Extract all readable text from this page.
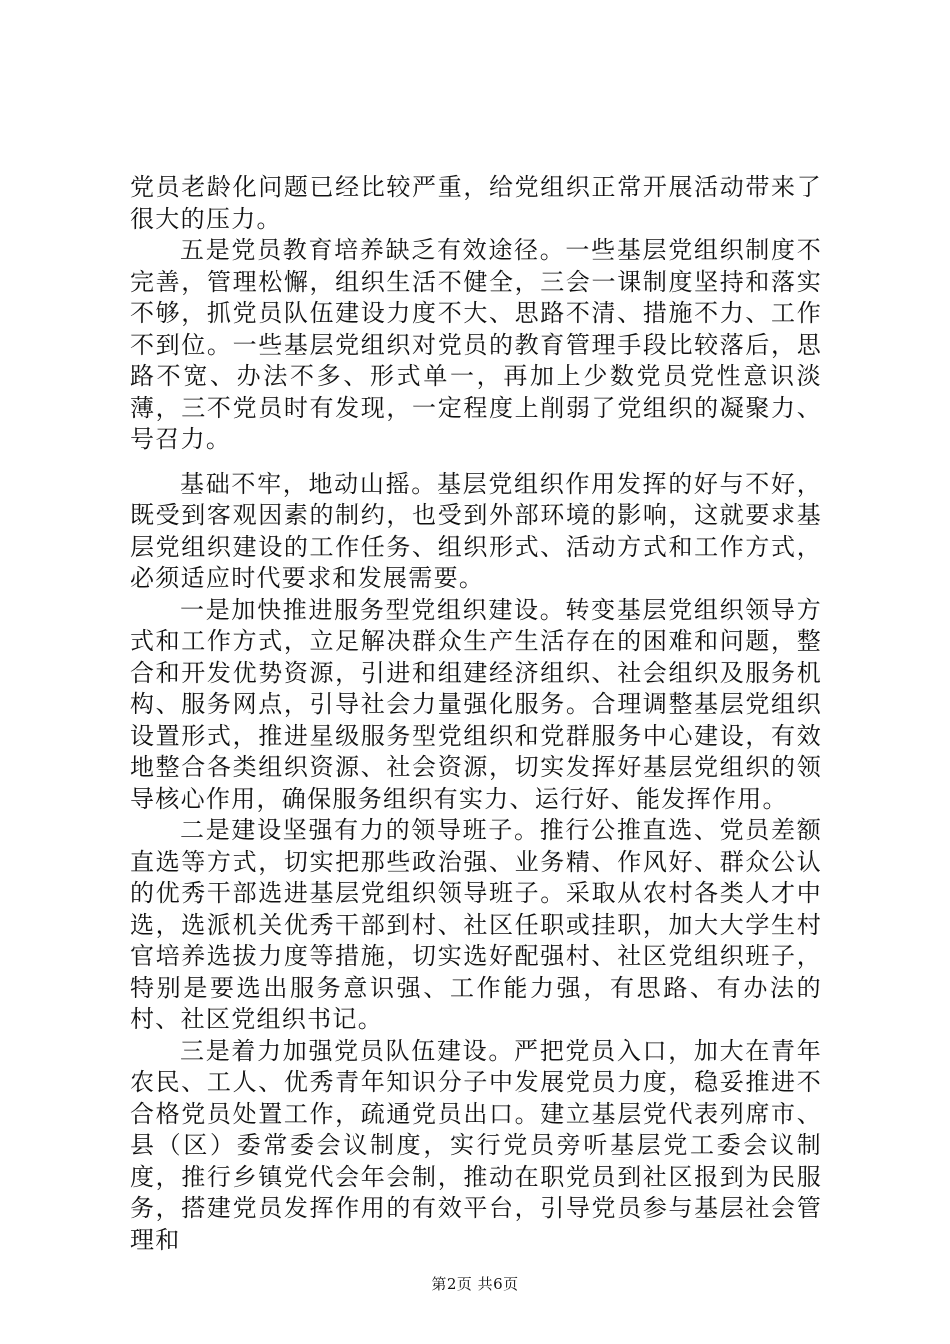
党员老龄化问题已经比较严重，给党组织正常开展活动带来了很大的压力。

五是党员教育培养缺乏有效途径。一些基层党组织制度不完善，管理松懈，组织生活不健全，三会一课制度坚持和落实不够，抓党员队伍建设力度不大、思路不清、措施不力、工作不到位。一些基层党组织对党员的教育管理手段比较落后，思路不宽、办法不多、形式单一，再加上少数党员党性意识淡薄，三不党员时有发现，一定程度上削弱了党组织的凝聚力、号召力。

基础不牢，地动山摇。基层党组织作用发挥的好与不好，既受到客观因素的制约，也受到外部环境的影响，这就要求基层党组织建设的工作任务、组织形式、活动方式和工作方式，必须适应时代要求和发展需要。

一是加快推进服务型党组织建设。转变基层党组织领导方式和工作方式，立足解决群众生产生活存在的困难和问题，整合和开发优势资源，引进和组建经济组织、社会组织及服务机构、服务网点，引导社会力量强化服务。合理调整基层党组织设置形式，推进星级服务型党组织和党群服务中心建设，有效地整合各类组织资源、社会资源，切实发挥好基层党组织的领导核心作用，确保服务组织有实力、运行好、能发挥作用。

二是建设坚强有力的领导班子。推行公推直选、党员差额直选等方式，切实把那些政治强、业务精、作风好、群众公认的优秀干部选进基层党组织领导班子。采取从农村各类人才中选，选派机关优秀干部到村、社区任职或挂职，加大大学生村官培养选拔力度等措施，切实选好配强村、社区党组织班子，特别是要选出服务意识强、工作能力强，有思路、有办法的村、社区党组织书记。

三是着力加强党员队伍建设。严把党员入口，加大在青年农民、工人、优秀青年知识分子中发展党员力度，稳妥推进不合格党员处置工作，疏通党员出口。建立基层党代表列席市、县（区）委常委会议制度，实行党员旁听基层党工委会议制度，推行乡镇党代会年会制，推动在职党员到社区报到为民服务，搭建党员发挥作用的有效平台，引导党员参与基层社会管理和

第2页 共6页
